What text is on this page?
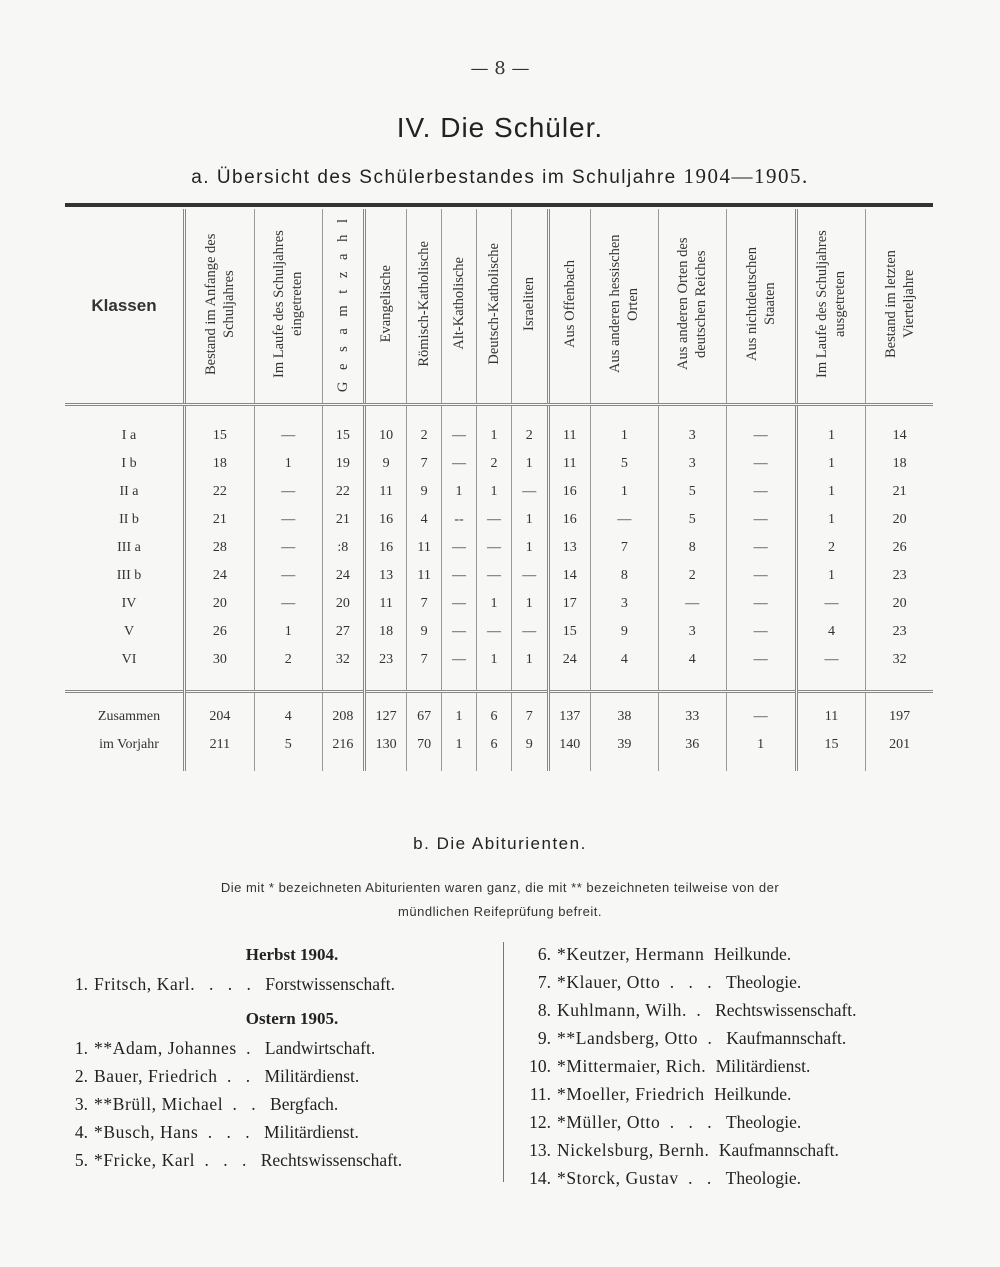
— 8 —
IV. Die Schüler.
a. Übersicht des Schülerbestandes im Schuljahre 1904—1905.
Klassen	Bestand im Anfange des Schuljahres	Im Laufe des Schuljahres eingetreten	G e s a m t z a h l	Evangelische	Römisch-Katholische	Alt-Katholische	Deutsch-Katholische	Israeliten	Aus Offenbach	Aus anderen hessischen Orten	Aus anderen Orten des deutschen Reiches	Aus nichtdeutschen Staaten	Im Laufe des Schuljahres ausgetreten	Bestand im letzten Vierteljahre
I a	15	—	15	10	2	—	1	2	11	1	3	—	1	14
I b	18	1	19	9	7	—	2	1	11	5	3	—	1	18
II a	22	—	22	11	9	1	1	—	16	1	5	—	1	21
II b	21	—	21	16	4	--	—	1	16	—	5	—	1	20
III a	28	—	:8	16	11	—	—	1	13	7	8	—	2	26
III b	24	—	24	13	11	—	—	—	14	8	2	—	1	23
IV	20	—	20	11	7	—	1	1	17	3	—	—	—	20
V	26	1	27	18	9	—	—	—	15	9	3	—	4	23
VI	30	2	32	23	7	—	1	1	24	4	4	—	—	32
Zusammen	204	4	208	127	67	1	6	7	137	38	33	—	11	197
im Vorjahr	211	5	216	130	70	1	6	9	140	39	36	1	15	201
b. Die Abiturienten.
Die mit * bezeichneten Abiturienten waren ganz, die mit ** bezeichneten teilweise von der
mündlichen Reifeprüfung befreit.
Herbst 1904.
1. Fritsch, Karl. . . . Forstwissenschaft.
Ostern 1905.
1. **Adam, Johannes . Landwirtschaft.
2. Bauer, Friedrich . . Militärdienst.
3. **Brüll, Michael . . Bergfach.
4. *Busch, Hans . . . Militärdienst.
5. *Fricke, Karl . . . Rechtswissenschaft.
6. *Keutzer, Hermann Heilkunde.
7. *Klauer, Otto . . . Theologie.
8. Kuhlmann, Wilh. . Rechtswissenschaft.
9. **Landsberg, Otto . Kaufmannschaft.
10. *Mittermaier, Rich. Militärdienst.
11. *Moeller, Friedrich Heilkunde.
12. *Müller, Otto . . . Theologie.
13. Nickelsburg, Bernh. Kaufmannschaft.
14. *Storck, Gustav . . Theologie.
